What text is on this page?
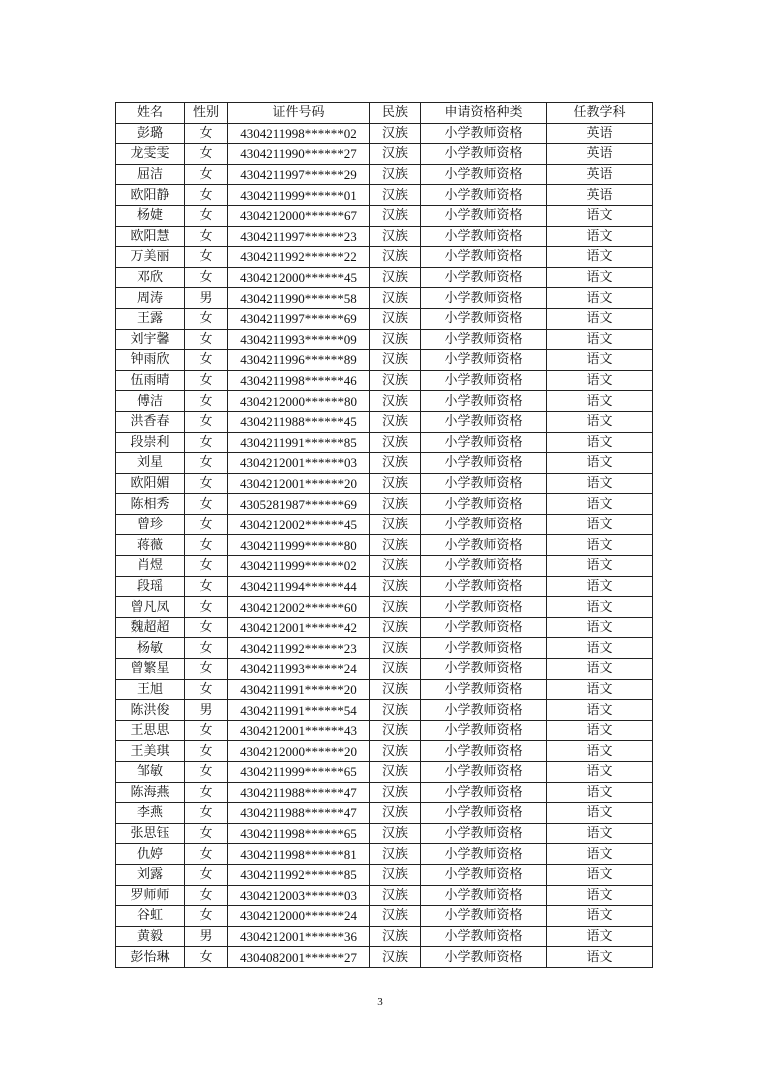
姓名	性别	证件号码	民族	申请资格种类	任教学科
彭璐	女	4304211998******02	汉族	小学教师资格	英语
龙雯雯	女	4304211990******27	汉族	小学教师资格	英语
屈洁	女	4304211997******29	汉族	小学教师资格	英语
欧阳静	女	4304211999******01	汉族	小学教师资格	英语
杨婕	女	4304212000******67	汉族	小学教师资格	语文
欧阳慧	女	4304211997******23	汉族	小学教师资格	语文
万美丽	女	4304211992******22	汉族	小学教师资格	语文
邓欣	女	4304212000******45	汉族	小学教师资格	语文
周涛	男	4304211990******58	汉族	小学教师资格	语文
王露	女	4304211997******69	汉族	小学教师资格	语文
刘宇馨	女	4304211993******09	汉族	小学教师资格	语文
钟雨欣	女	4304211996******89	汉族	小学教师资格	语文
伍雨晴	女	4304211998******46	汉族	小学教师资格	语文
傅洁	女	4304212000******80	汉族	小学教师资格	语文
洪香春	女	4304211988******45	汉族	小学教师资格	语文
段崇利	女	4304211991******85	汉族	小学教师资格	语文
刘星	女	4304212001******03	汉族	小学教师资格	语文
欧阳媚	女	4304212001******20	汉族	小学教师资格	语文
陈相秀	女	4305281987******69	汉族	小学教师资格	语文
曾珍	女	4304212002******45	汉族	小学教师资格	语文
蒋薇	女	4304211999******80	汉族	小学教师资格	语文
肖煜	女	4304211999******02	汉族	小学教师资格	语文
段瑶	女	4304211994******44	汉族	小学教师资格	语文
曾凡凤	女	4304212002******60	汉族	小学教师资格	语文
魏超超	女	4304212001******42	汉族	小学教师资格	语文
杨敏	女	4304211992******23	汉族	小学教师资格	语文
曾繁星	女	4304211993******24	汉族	小学教师资格	语文
王旭	女	4304211991******20	汉族	小学教师资格	语文
陈洪俊	男	4304211991******54	汉族	小学教师资格	语文
王思思	女	4304212001******43	汉族	小学教师资格	语文
王美琪	女	4304212000******20	汉族	小学教师资格	语文
邹敏	女	4304211999******65	汉族	小学教师资格	语文
陈海燕	女	4304211988******47	汉族	小学教师资格	语文
李燕	女	4304211988******47	汉族	小学教师资格	语文
张思钰	女	4304211998******65	汉族	小学教师资格	语文
仇婷	女	4304211998******81	汉族	小学教师资格	语文
刘露	女	4304211992******85	汉族	小学教师资格	语文
罗师师	女	4304212003******03	汉族	小学教师资格	语文
谷虹	女	4304212000******24	汉族	小学教师资格	语文
黄毅	男	4304212001******36	汉族	小学教师资格	语文
彭怡琳	女	4304082001******27	汉族	小学教师资格	语文
3
